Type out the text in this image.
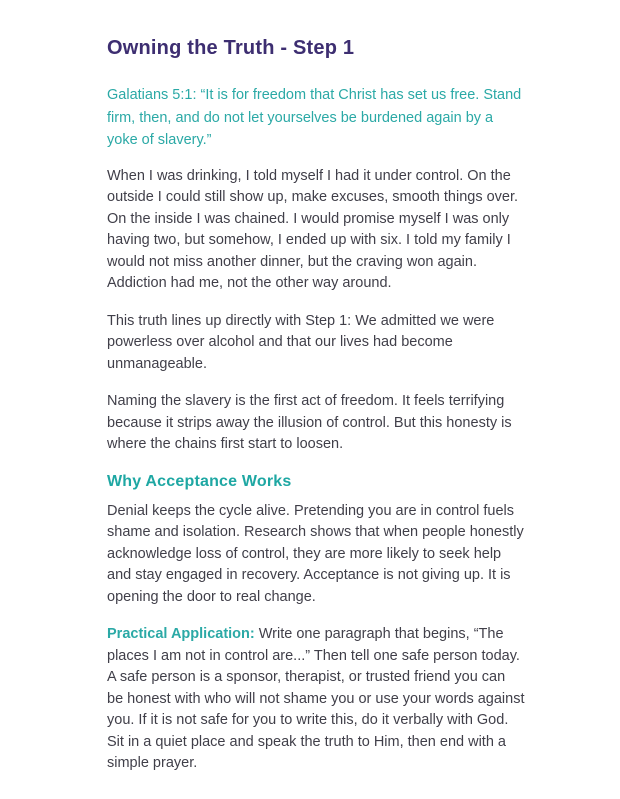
Owning the Truth - Step 1

Galatians 5:1: “It is for freedom that Christ has set us free. Stand firm, then, and do not let yourselves be burdened again by a yoke of slavery.”

When I was drinking, I told myself I had it under control. On the outside I could still show up, make excuses, smooth things over. On the inside I was chained. I would promise myself I was only having two, but somehow, I ended up with six. I told my family I would not miss another dinner, but the craving won again. Addiction had me, not the other way around.

This truth lines up directly with Step 1: We admitted we were powerless over alcohol and that our lives had become unmanageable.

Naming the slavery is the first act of freedom. It feels terrifying because it strips away the illusion of control. But this honesty is where the chains first start to loosen.

Why Acceptance Works

Denial keeps the cycle alive. Pretending you are in control fuels shame and isolation. Research shows that when people honestly acknowledge loss of control, they are more likely to seek help and stay engaged in recovery. Acceptance is not giving up. It is opening the door to real change.

Practical Application: Write one paragraph that begins, “The places I am not in control are...” Then tell one safe person today. A safe person is a sponsor, therapist, or trusted friend you can be honest with who will not shame you or use your words against you. If it is not safe for you to write this, do it verbally with God. Sit in a quiet place and speak the truth to Him, then end with a simple prayer.
